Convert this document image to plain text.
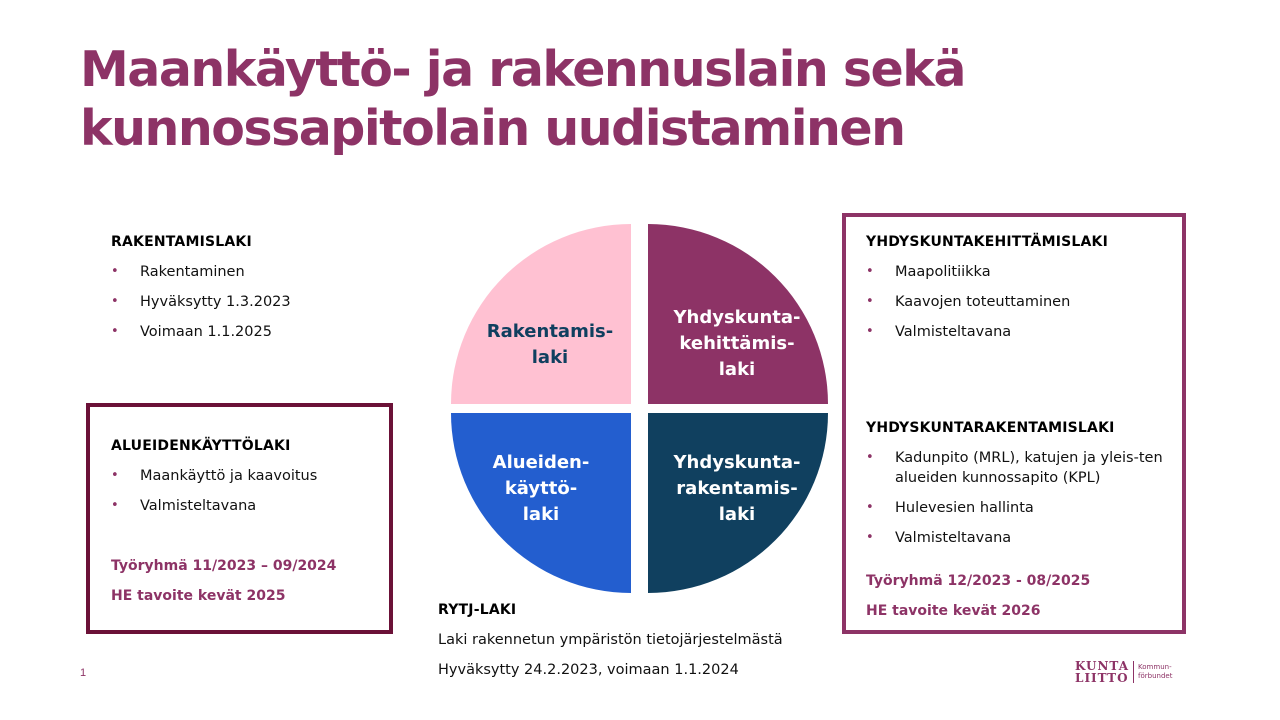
Maankäyttö- ja rakennuslain sekä
kunnossapitolain uudistaminen
RAKENTAMISLAKI
• Rakentaminen
• Hyväksytty 1.3.2023
• Voimaan 1.1.2025
ALUEIDENKÄYTTÖLAKI
• Maankäyttö ja kaavoitus
• Valmisteltavana
Työryhmä 11/2023 – 09/2024
HE tavoite kevät 2025
YHDYSKUNTAKEHITTÄMISLAKI
• Maapolitiikka
• Kaavojen toteuttaminen
• Valmisteltavana
YHDYSKUNTARAKENTAMISLAKI
• Kadunpito (MRL), katujen ja yleis-ten alueiden kunnossapito (KPL)
• Hulevesien hallinta
• Valmisteltavana
Työryhmä 12/2023 - 08/2025
HE tavoite kevät 2026
Rakentamis-
laki
Yhdyskunta-
kehittämis-
laki
Alueiden-
käyttö-
laki
Yhdyskunta-
rakentamis-
laki
RYTJ-LAKI
Laki rakennetun ympäristön tietojärjestelmästä
Hyväksytty 24.2.2023, voimaan 1.1.2024
1	KUNTA
LIITTO
Kommun-
förbundet
